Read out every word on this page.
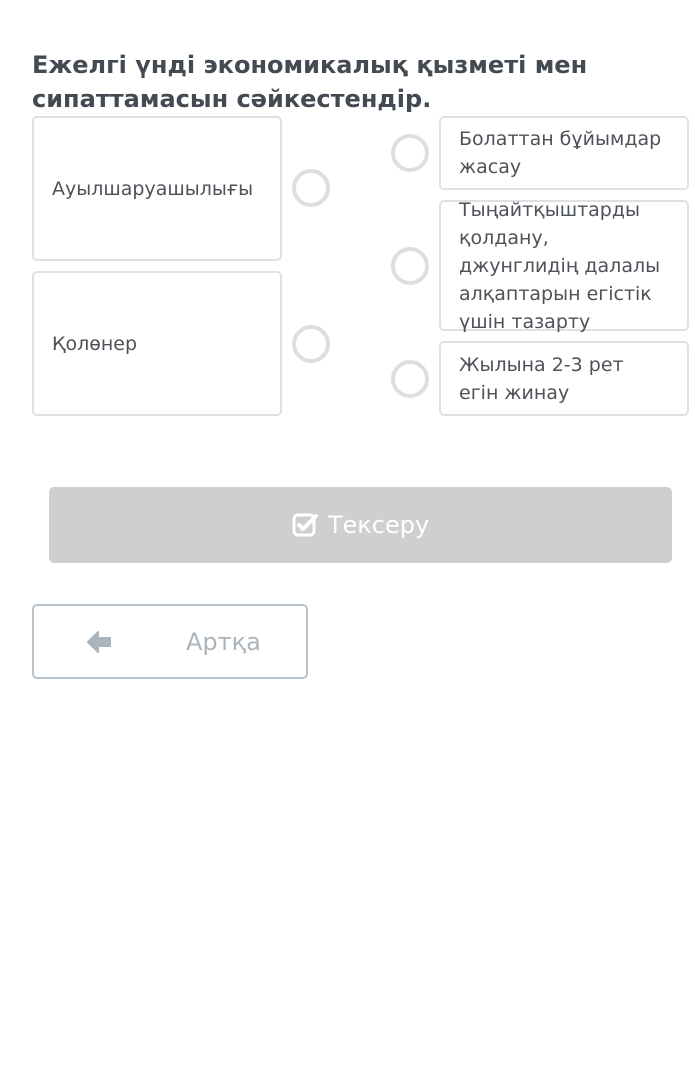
Ежелгі үнді экономикалық қызметі мен сипаттамасын сәйкестендір.
Ауылшаруашылығы
Қолөнер
Болаттан бұйымдар жасау
Тыңайтқыштарды қолдану, джунглидің далалы алқаптарын егістік үшін тазарту
Жылына 2-3 рет егін жинау
Тексеру
Артқа
